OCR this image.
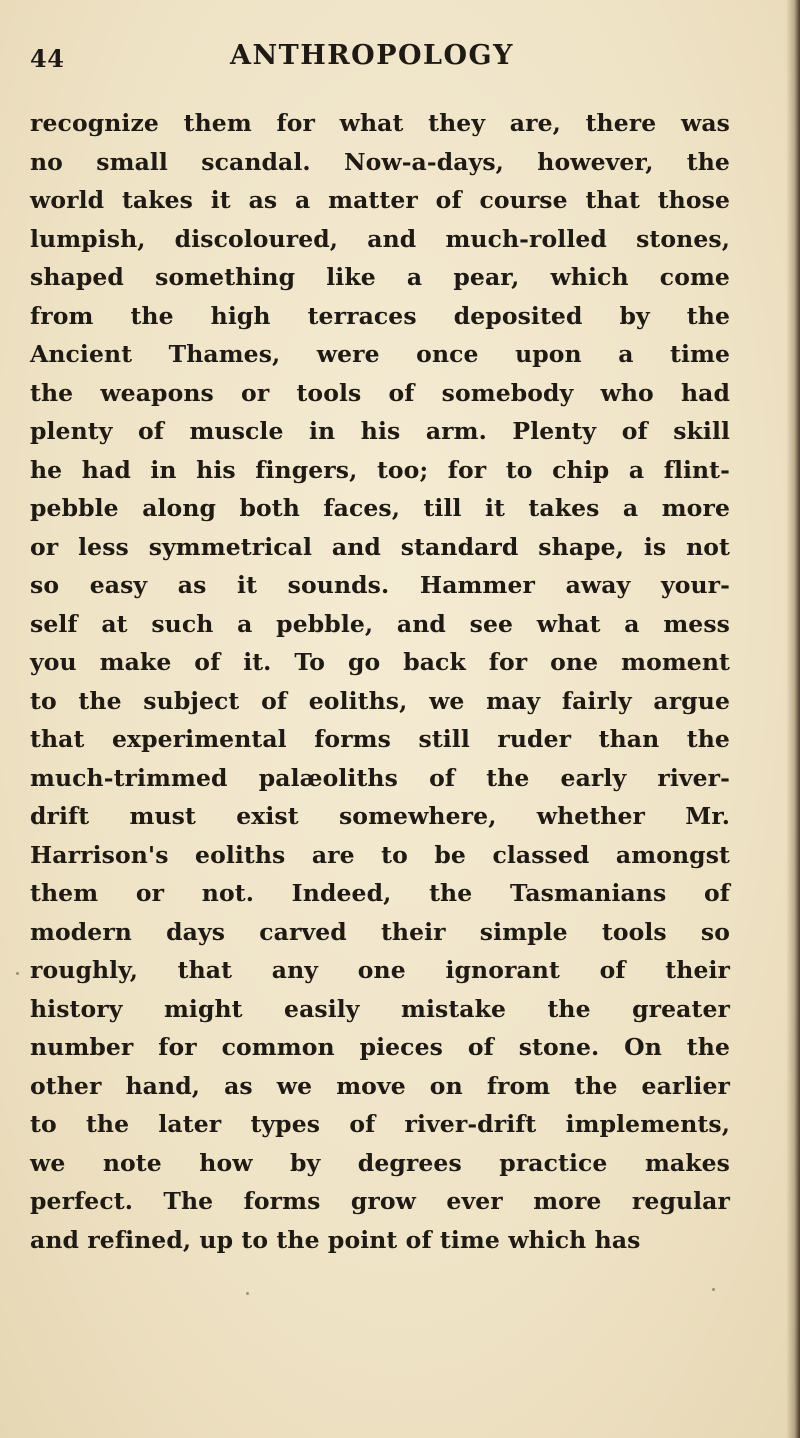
44	ANTHROPOLOGY
recognize them for what they are, there was
no small scandal. Now-a-days, however, the
world takes it as a matter of course that those
lumpish, discoloured, and much-rolled stones,
shaped something like a pear, which come
from the high terraces deposited by the
Ancient Thames, were once upon a time
the weapons or tools of somebody who had
plenty of muscle in his arm. Plenty of skill
he had in his fingers, too; for to chip a flint-
pebble along both faces, till it takes a more
or less symmetrical and standard shape, is not
so easy as it sounds. Hammer away your-
self at such a pebble, and see what a mess
you make of it. To go back for one moment
to the subject of eoliths, we may fairly argue
that experimental forms still ruder than the
much-trimmed palæoliths of the early river-
drift must exist somewhere, whether Mr.
Harrison's eoliths are to be classed amongst
them or not. Indeed, the Tasmanians of
modern days carved their simple tools so
roughly, that any one ignorant of their
history might easily mistake the greater
number for common pieces of stone. On the
other hand, as we move on from the earlier
to the later types of river-drift implements,
we note how by degrees practice makes
perfect. The forms grow ever more regular
and refined, up to the point of time which has
